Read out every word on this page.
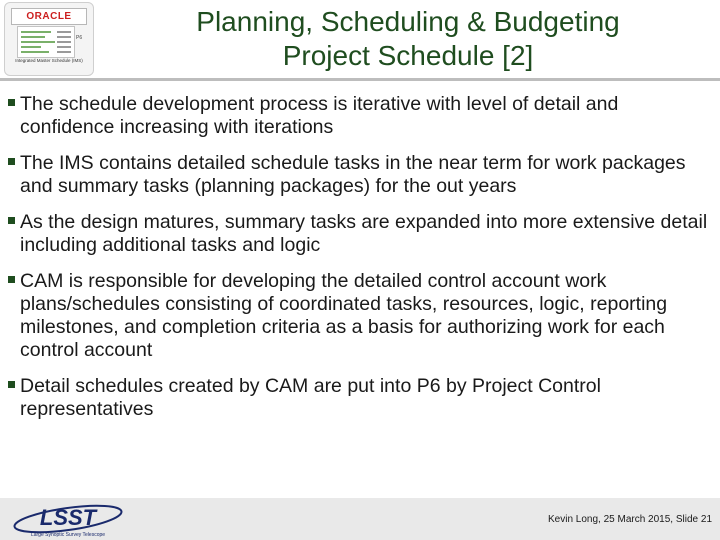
ORACLE
P6
Integrated Master Schedule (IMS)
Planning, Scheduling & Budgeting
Project Schedule [2]
The schedule development process is iterative with level of detail and confidence increasing with iterations
The IMS contains detailed schedule tasks in the near term for work packages and summary tasks (planning packages) for the out years
As the design matures, summary tasks are expanded into more extensive detail including additional tasks and logic
CAM is responsible for developing the detailed control account work plans/schedules consisting of coordinated tasks, resources, logic, reporting milestones, and completion criteria as a basis for authorizing work for each control account
Detail schedules created by CAM are put into P6 by Project Control representatives
LSST
Large Synoptic Survey Telescope
Kevin Long, 25 March 2015, Slide 21
